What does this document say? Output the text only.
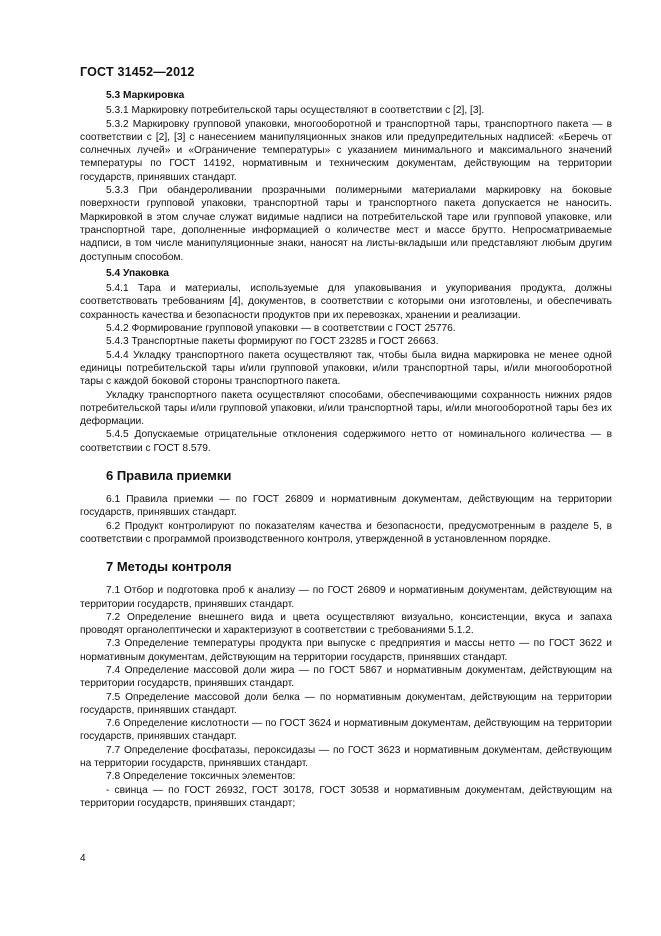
ГОСТ 31452—2012
5.3 Маркировка

5.3.1 Маркировку потребительской тары осуществляют в соответствии с [2], [3].

5.3.2 Маркировку групповой упаковки, многооборотной и транспортной тары, транспортного пакета — в соответствии с [2], [3] с нанесением манипуляционных знаков или предупредительных надписей: «Беречь от солнечных лучей» и «Ограничение температуры» с указанием минимального и максимального значений температуры по ГОСТ 14192, нормативным и техническим документам, действующим на территории государств, принявших стандарт.

5.3.3 При обандероливании прозрачными полимерными материалами маркировку на боковые поверхности групповой упаковки, транспортной тары и транспортного пакета допускается не наносить. Маркировкой в этом случае служат видимые надписи на потребительской таре или групповой упаковке, или транспортной таре, дополненные информацией о количестве мест и массе брутто. Непросматриваемые надписи, в том числе манипуляционные знаки, наносят на листы-вкладыши или представляют любым другим доступным способом.

5.4 Упаковка

5.4.1 Тара и материалы, используемые для упаковывания и укупоривания продукта, должны соответствовать требованиям [4], документов, в соответствии с которыми они изготовлены, и обеспечивать сохранность качества и безопасности продуктов при их перевозках, хранении и реализации.

5.4.2 Формирование групповой упаковки — в соответствии с ГОСТ 25776.

5.4.3 Транспортные пакеты формируют по ГОСТ 23285 и ГОСТ 26663.

5.4.4 Укладку транспортного пакета осуществляют так, чтобы была видна маркировка не менее одной единицы потребительской тары и/или групповой упаковки, и/или транспортной тары, и/или многооборотной тары с каждой боковой стороны транспортного пакета.

Укладку транспортного пакета осуществляют способами, обеспечивающими сохранность нижних рядов потребительской тары и/или групповой упаковки, и/или транспортной тары, и/или многооборотной тары без их деформации.

5.4.5 Допускаемые отрицательные отклонения содержимого нетто от номинального количества — в соответствии с ГОСТ 8.579.

6 Правила приемки

6.1 Правила приемки — по ГОСТ 26809 и нормативным документам, действующим на территории государств, принявших стандарт.

6.2 Продукт контролируют по показателям качества и безопасности, предусмотренным в разделе 5, в соответствии с программой производственного контроля, утвержденной в установленном порядке.

7 Методы контроля

7.1 Отбор и подготовка проб к анализу — по ГОСТ 26809 и нормативным документам, действующим на территории государств, принявших стандарт.

7.2 Определение внешнего вида и цвета осуществляют визуально, консистенции, вкуса и запаха проводят органолептически и характеризуют в соответствии с требованиями 5.1.2.

7.3 Определение температуры продукта при выпуске с предприятия и массы нетто — по ГОСТ 3622 и нормативным документам, действующим на территории государств, принявших стандарт.

7.4 Определение массовой доли жира — по ГОСТ 5867 и нормативным документам, действующим на территории государств, принявших стандарт.

7.5 Определение массовой доли белка — по нормативным документам, действующим на территории государств, принявших стандарт.

7.6 Определение кислотности — по ГОСТ 3624 и нормативным документам, действующим на территории государств, принявших стандарт.

7.7 Определение фосфатазы, пероксидазы — по ГОСТ 3623 и нормативным документам, действующим на территории государств, принявших стандарт.

7.8 Определение токсичных элементов:

- свинца — по ГОСТ 26932, ГОСТ 30178, ГОСТ 30538 и нормативным документам, действующим на территории государств, принявших стандарт;

4
